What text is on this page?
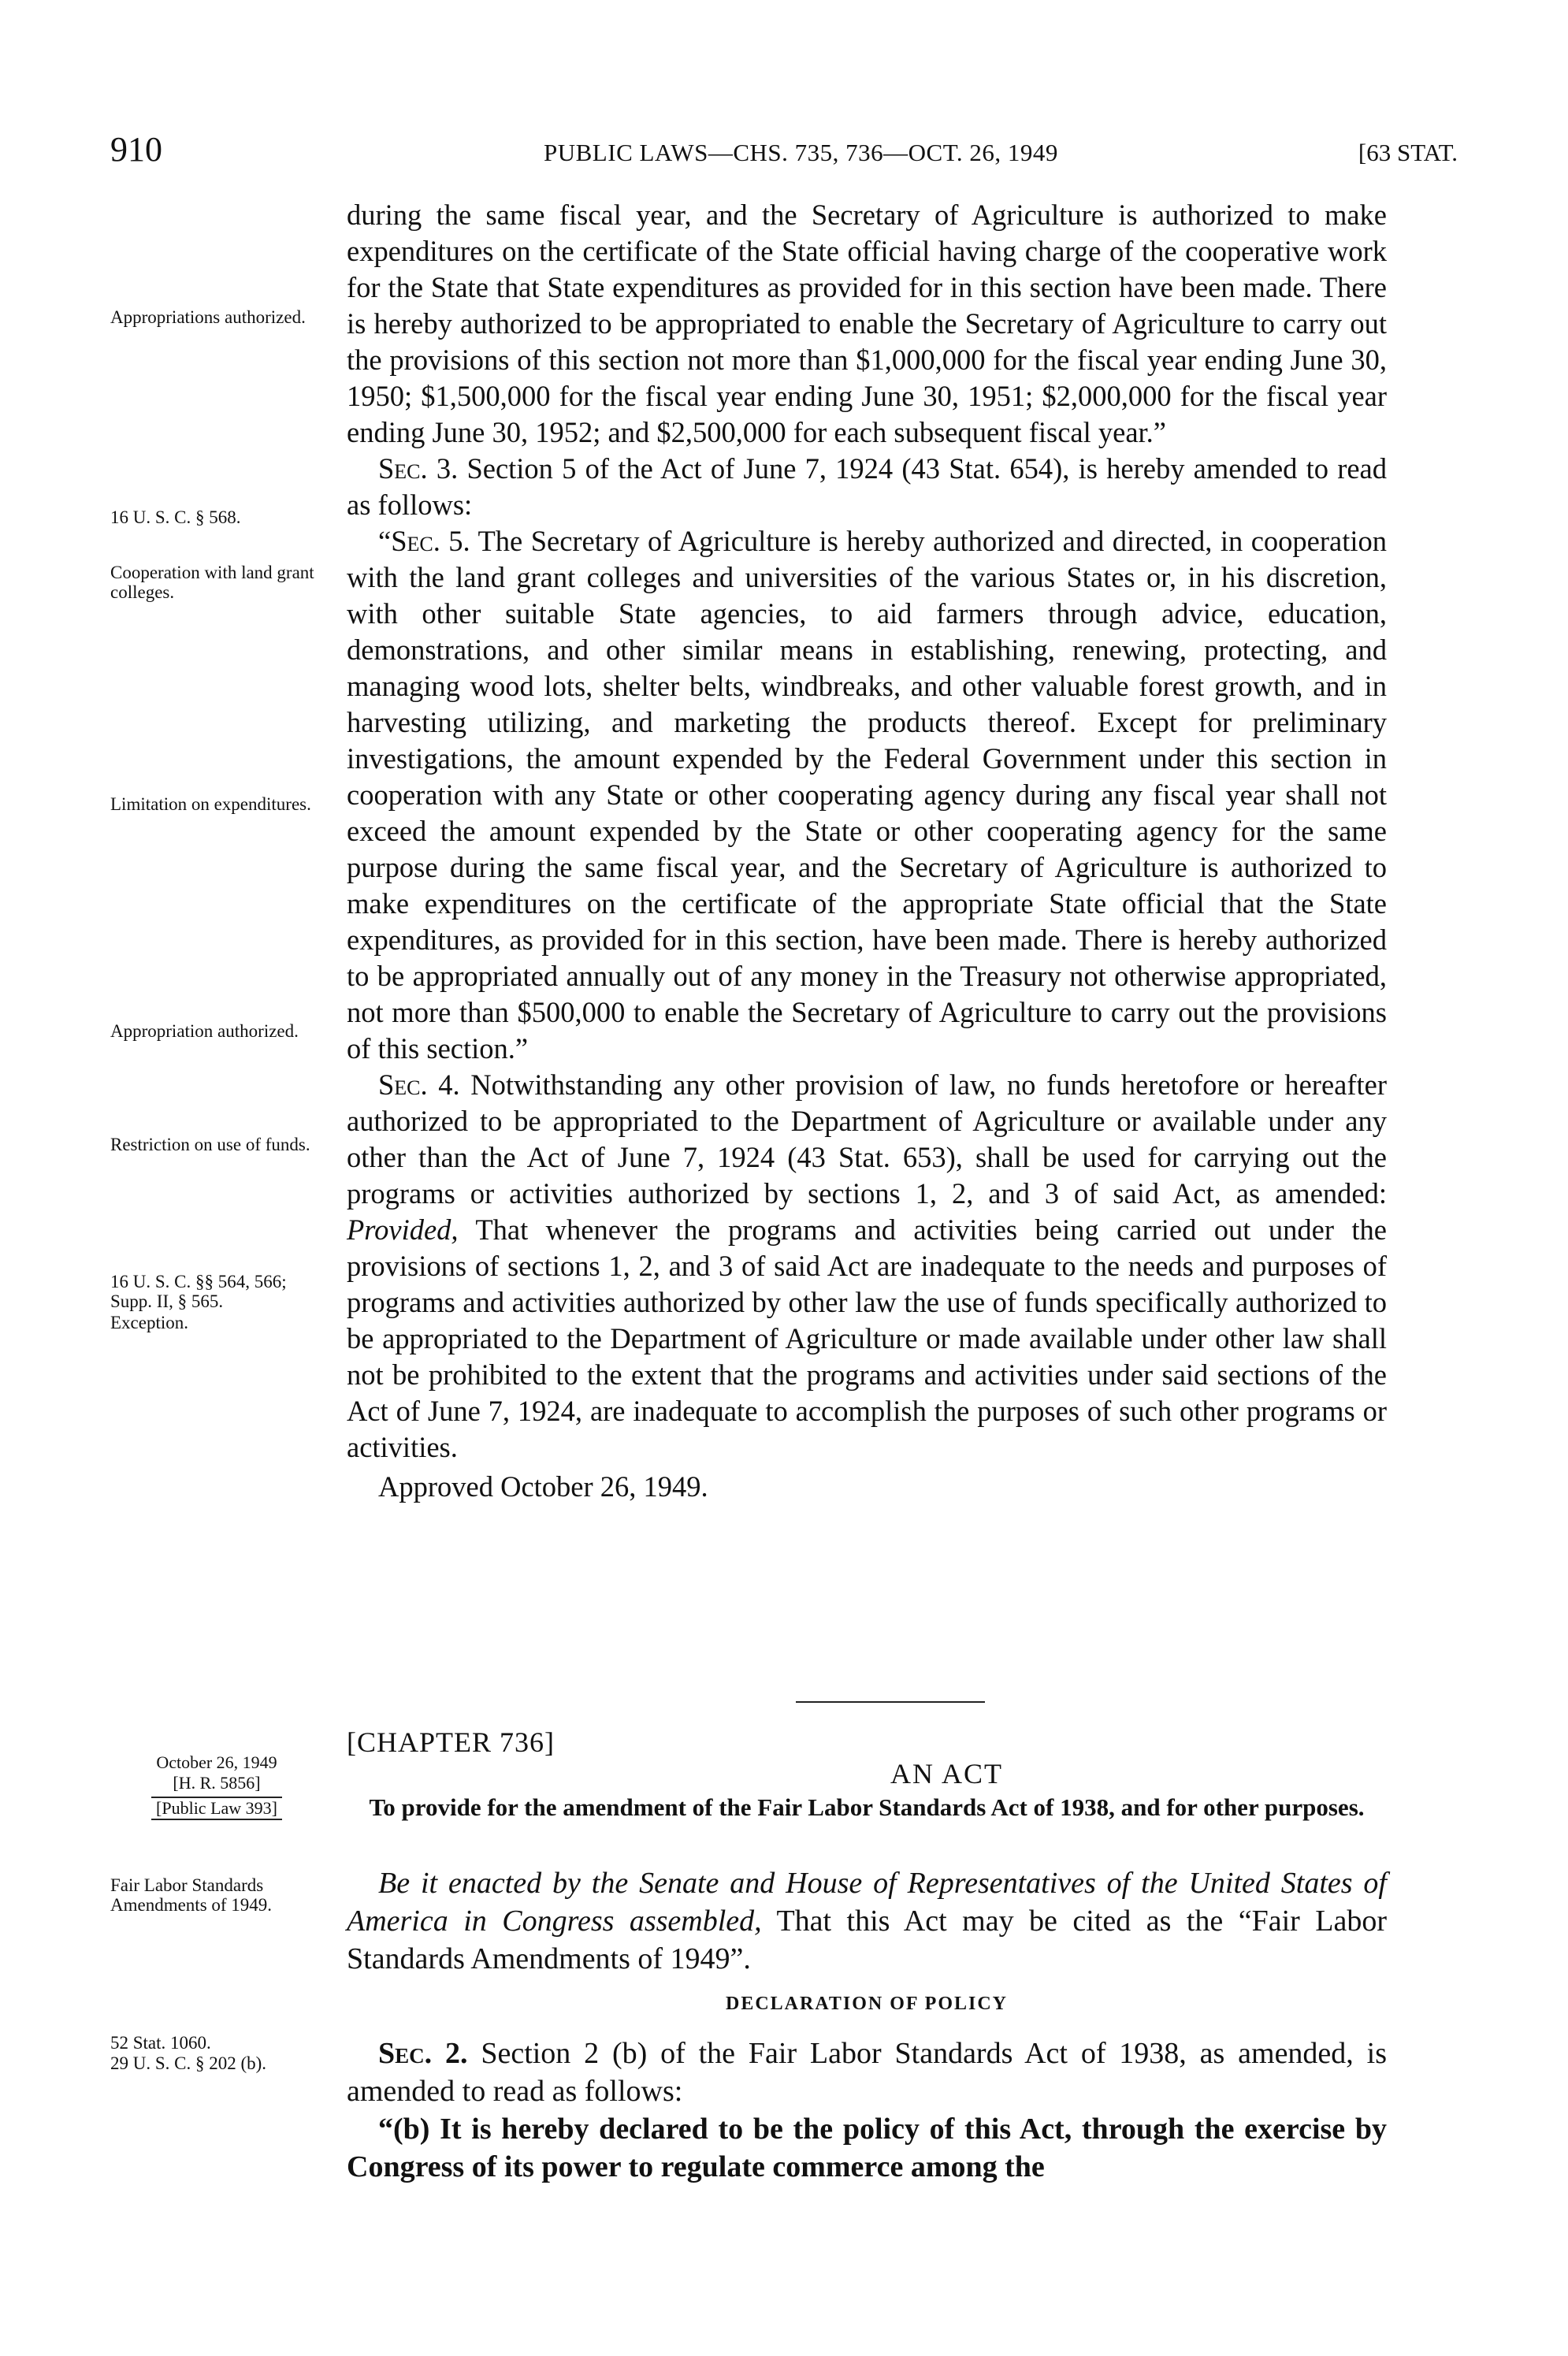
910	PUBLIC LAWS—CHS. 735, 736—OCT. 26, 1949	[63 STAT.
Appropriations authorized.
16 U. S. C. § 568.
Cooperation with land grant colleges.
Limitation on expenditures.
Appropriation authorized.
Restriction on use of funds.
16 U. S. C. §§ 564, 566; Supp. II, § 565.
Exception.
October 26, 1949
[H. R. 5856]
[Public Law 393]
Fair Labor Standards Amendments of 1949.
52 Stat. 1060.
29 U. S. C. § 202 (b).

during the same fiscal year, and the Secretary of Agriculture is authorized to make expenditures on the certificate of the State official having charge of the cooperative work for the State that State expenditures as provided for in this section have been made. There is hereby authorized to be appropriated to enable the Secretary of Agriculture to carry out the provisions of this section not more than $1,000,000 for the fiscal year ending June 30, 1950; $1,500,000 for the fiscal year ending June 30, 1951; $2,000,000 for the fiscal year ending June 30, 1952; and $2,500,000 for each subsequent fiscal year.”

Sec. 3. Section 5 of the Act of June 7, 1924 (43 Stat. 654), is hereby amended to read as follows:

“Sec. 5. The Secretary of Agriculture is hereby authorized and directed, in cooperation with the land grant colleges and universities of the various States or, in his discretion, with other suitable State agencies, to aid farmers through advice, education, demonstrations, and other similar means in establishing, renewing, protecting, and managing wood lots, shelter belts, windbreaks, and other valuable forest growth, and in harvesting utilizing, and marketing the products thereof. Except for preliminary investigations, the amount expended by the Federal Government under this section in cooperation with any State or other cooperating agency during any fiscal year shall not exceed the amount expended by the State or other cooperating agency for the same purpose during the same fiscal year, and the Secretary of Agriculture is authorized to make expenditures on the certificate of the appropriate State official that the State expenditures, as provided for in this section, have been made. There is hereby authorized to be appropriated annually out of any money in the Treasury not otherwise appropriated, not more than $500,000 to enable the Secretary of Agriculture to carry out the provisions of this section.”

Sec. 4. Notwithstanding any other provision of law, no funds heretofore or hereafter authorized to be appropriated to the Department of Agriculture or available under any other than the Act of June 7, 1924 (43 Stat. 653), shall be used for carrying out the programs or activities authorized by sections 1, 2, and 3 of said Act, as amended: Provided, That whenever the programs and activities being carried out under the provisions of sections 1, 2, and 3 of said Act are inadequate to the needs and purposes of programs and activities authorized by other law the use of funds specifically authorized to be appropriated to the Department of Agriculture or made available under other law shall not be prohibited to the extent that the programs and activities under said sections of the Act of June 7, 1924, are inadequate to accomplish the purposes of such other programs or activities.

Approved October 26, 1949.

[CHAPTER 736]
AN ACT
To provide for the amendment of the Fair Labor Standards Act of 1938, and for other purposes.
Be it enacted by the Senate and House of Representatives of the United States of America in Congress assembled, That this Act may be cited as the “Fair Labor Standards Amendments of 1949”.
DECLARATION OF POLICY

Sec. 2. Section 2 (b) of the Fair Labor Standards Act of 1938, as amended, is amended to read as follows:

“(b) It is hereby declared to be the policy of this Act, through the exercise by Congress of its power to regulate commerce among the
